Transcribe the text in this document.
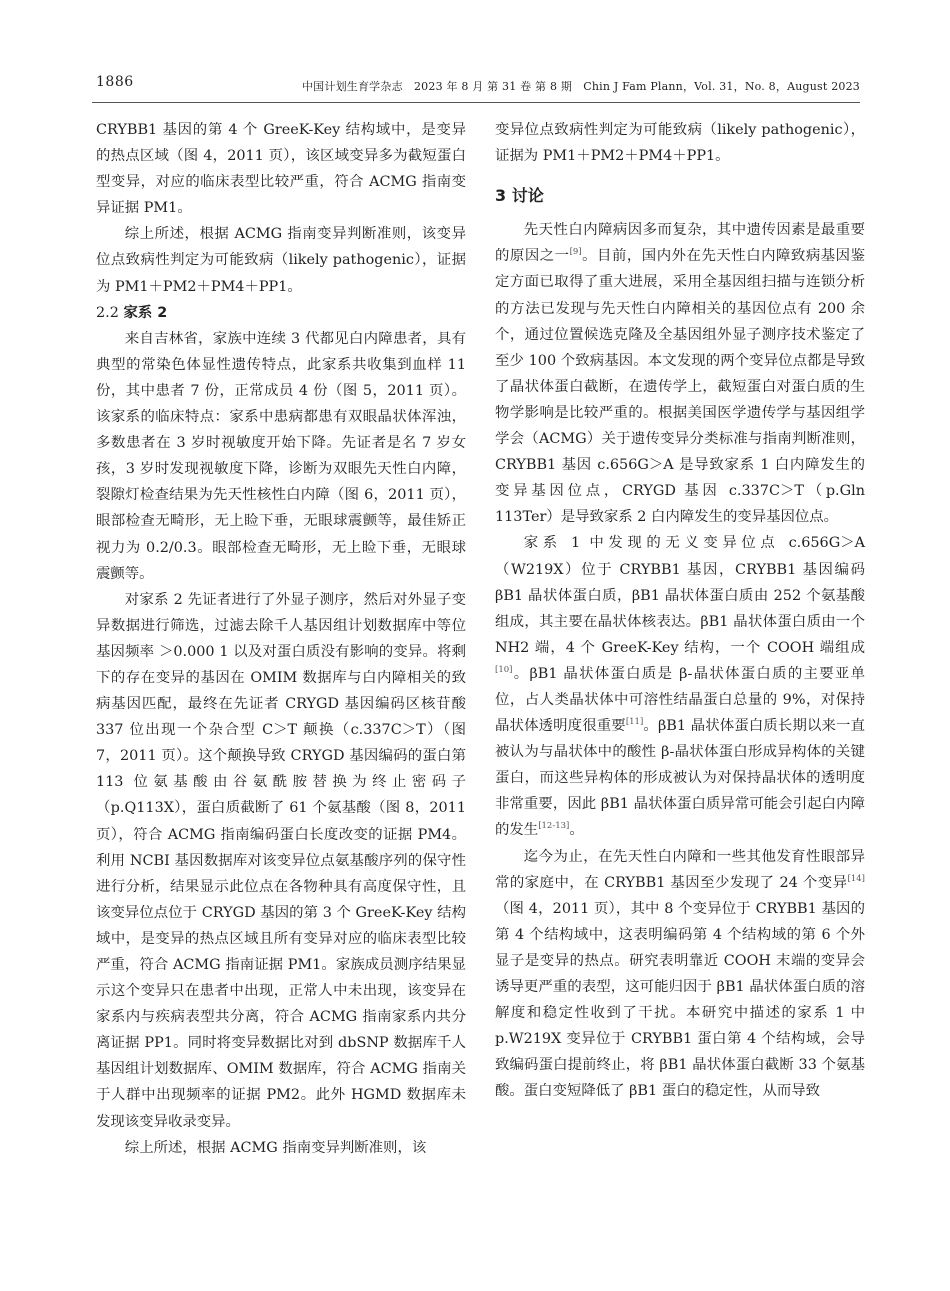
1886	中国计划生育学杂志　2023 年 8 月 第 31 卷 第 8 期　Chin J Fam Plann，Vol. 31，No. 8，August 2023

CRYBB1 基因的第 4 个 GreeK-Key 结构域中，是变异的热点区域（图 4，2011 页），该区域变异多为截短蛋白型变异，对应的临床表型比较严重，符合 ACMG 指南变异证据 PM1。

综上所述，根据 ACMG 指南变异判断准则，该变异位点致病性判定为可能致病（likely pathogenic），证据为 PM1＋PM2＋PM4＋PP1。

2.2 家系 2

来自吉林省，家族中连续 3 代都见白内障患者，具有典型的常染色体显性遗传特点，此家系共收集到血样 11 份，其中患者 7 份，正常成员 4 份（图 5，2011 页）。该家系的临床特点：家系中患病都患有双眼晶状体浑浊，多数患者在 3 岁时视敏度开始下降。先证者是名 7 岁女孩，3 岁时发现视敏度下降，诊断为双眼先天性白内障，裂隙灯检查结果为先天性核性白内障（图 6，2011 页），眼部检查无畸形，无上睑下垂，无眼球震颤等，最佳矫正视力为 0.2/0.3。眼部检查无畸形，无上睑下垂，无眼球震颤等。

对家系 2 先证者进行了外显子测序，然后对外显子变异数据进行筛选，过滤去除千人基因组计划数据库中等位基因频率 ＞0.000 1 以及对蛋白质没有影响的变异。将剩下的存在变异的基因在 OMIM 数据库与白内障相关的致病基因匹配，最终在先证者 CRYGD 基因编码区核苷酸 337 位出现一个杂合型 C＞T 颠换（c.337C＞T）（图 7，2011 页）。这个颠换导致 CRYGD 基因编码的蛋白第 113 位氨基酸由谷氨酰胺替换为终止密码子（p.Q113X），蛋白质截断了 61 个氨基酸（图 8，2011 页），符合 ACMG 指南编码蛋白长度改变的证据 PM4。利用 NCBI 基因数据库对该变异位点氨基酸序列的保守性进行分析，结果显示此位点在各物种具有高度保守性，且该变异位点位于 CRYGD 基因的第 3 个 GreeK-Key 结构域中，是变异的热点区域且所有变异对应的临床表型比较严重，符合 ACMG 指南证据 PM1。家族成员测序结果显示这个变异只在患者中出现，正常人中未出现，该变异在家系内与疾病表型共分离，符合 ACMG 指南家系内共分离证据 PP1。同时将变异数据比对到 dbSNP 数据库千人基因组计划数据库、OMIM 数据库，符合 ACMG 指南关于人群中出现频率的证据 PM2。此外 HGMD 数据库未发现该变异收录变异。

综上所述，根据 ACMG 指南变异判断准则，该

变异位点致病性判定为可能致病（likely pathogenic），证据为 PM1＋PM2＋PM4＋PP1。

3 讨论

先天性白内障病因多而复杂，其中遗传因素是最重要的原因之一[9]。目前，国内外在先天性白内障致病基因鉴定方面已取得了重大进展，采用全基因组扫描与连锁分析的方法已发现与先天性白内障相关的基因位点有 200 余个，通过位置候选克隆及全基因组外显子测序技术鉴定了至少 100 个致病基因。本文发现的两个变异位点都是导致了晶状体蛋白截断，在遗传学上，截短蛋白对蛋白质的生物学影响是比较严重的。根据美国医学遗传学与基因组学学会（ACMG）关于遗传变异分类标准与指南判断准则，CRYBB1 基因 c.656G＞A 是导致家系 1 白内障发生的变异基因位点，CRYGD 基因 c.337C＞T（p.Gln 113Ter）是导致家系 2 白内障发生的变异基因位点。

家系 1 中发现的无义变异位点 c.656G＞A（W219X）位于 CRYBB1 基因，CRYBB1 基因编码 βB1 晶状体蛋白质，βB1 晶状体蛋白质由 252 个氨基酸组成，其主要在晶状体核表达。βB1 晶状体蛋白质由一个 NH2 端，4 个 GreeK-Key 结构，一个 COOH 端组成[10]。βB1 晶状体蛋白质是 β-晶状体蛋白质的主要亚单位，占人类晶状体中可溶性结晶蛋白总量的 9%，对保持晶状体透明度很重要[11]。βB1 晶状体蛋白质长期以来一直被认为与晶状体中的酸性 β-晶状体蛋白形成异构体的关键蛋白，而这些异构体的形成被认为对保持晶状体的透明度非常重要，因此 βB1 晶状体蛋白质异常可能会引起白内障的发生[12-13]。

迄今为止，在先天性白内障和一些其他发育性眼部异常的家庭中，在 CRYBB1 基因至少发现了 24 个变异[14]（图 4，2011 页），其中 8 个变异位于 CRYBB1 基因的第 4 个结构域中，这表明编码第 4 个结构域的第 6 个外显子是变异的热点。研究表明靠近 COOH 末端的变异会诱导更严重的表型，这可能归因于 βB1 晶状体蛋白质的溶解度和稳定性收到了干扰。本研究中描述的家系 1 中 p.W219X 变异位于 CRYBB1 蛋白第 4 个结构域，会导致编码蛋白提前终止，将 βB1 晶状体蛋白截断 33 个氨基酸。蛋白变短降低了 βB1 蛋白的稳定性，从而导致
